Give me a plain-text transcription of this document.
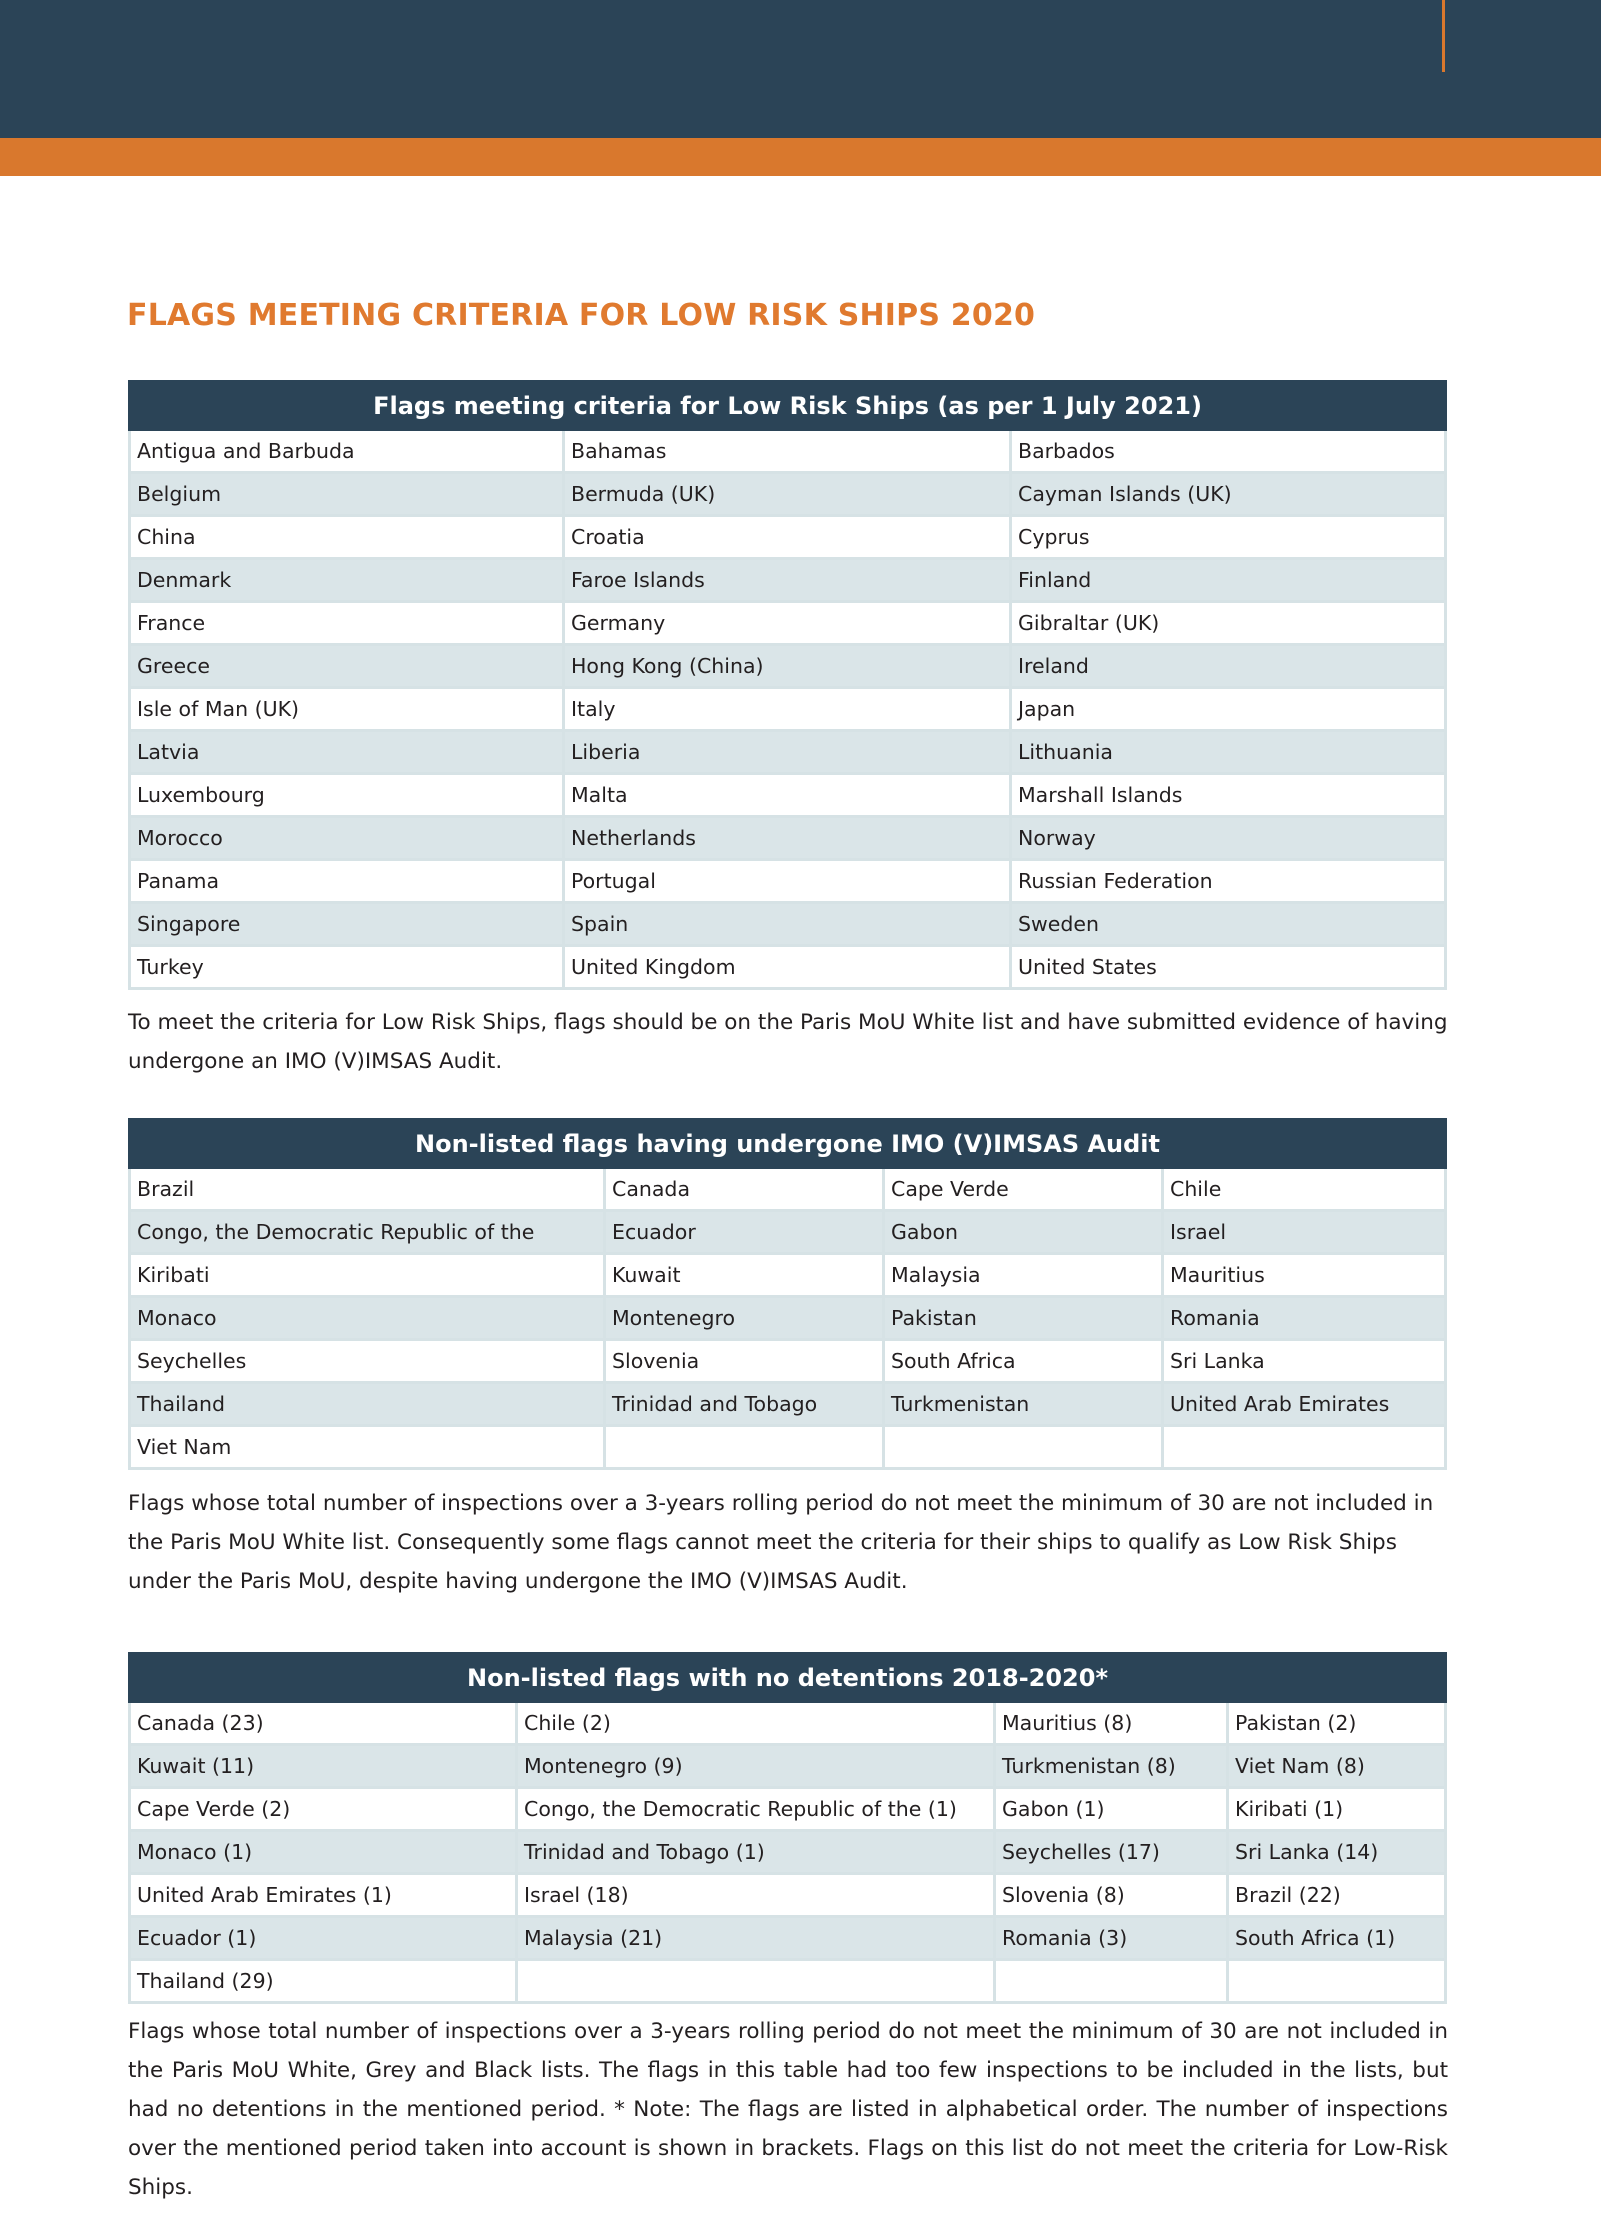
FLAGS MEETING CRITERIA FOR LOW RISK SHIPS 2020
Flags meeting criteria for Low Risk Ships (as per 1 July 2021)		
Antigua and Barbuda	Bahamas	Barbados
Belgium	Bermuda (UK)	Cayman Islands (UK)
China	Croatia	Cyprus
Denmark	Faroe Islands	Finland
France	Germany	Gibraltar (UK)
Greece	Hong Kong (China)	Ireland
Isle of Man (UK)	Italy	Japan
Latvia	Liberia	Lithuania
Luxembourg	Malta	Marshall Islands
Morocco	Netherlands	Norway
Panama	Portugal	Russian Federation
Singapore	Spain	Sweden
Turkey	United Kingdom	United States

To meet the criteria for Low Risk Ships, flags should be on the Paris MoU White list and have submitted evidence of having undergone an IMO (V)IMSAS Audit.

Non-listed flags having undergone IMO (V)IMSAS Audit			
Brazil	Canada	Cape Verde	Chile
Congo, the Democratic Republic of the	Ecuador	Gabon	Israel
Kiribati	Kuwait	Malaysia	Mauritius
Monaco	Montenegro	Pakistan	Romania
Seychelles	Slovenia	South Africa	Sri Lanka
Thailand	Trinidad and Tobago	Turkmenistan	United Arab Emirates
Viet Nam			

Flags whose total number of inspections over a 3-years rolling period do not meet the minimum of 30 are not included in the Paris MoU White list. Consequently some flags cannot meet the criteria for their ships to qualify as Low Risk Ships under the Paris MoU, despite having undergone the IMO (V)IMSAS Audit.

Non-listed flags with no detentions 2018-2020*			
Canada (23)	Chile (2)	Mauritius (8)	Pakistan (2)
Kuwait (11)	Montenegro (9)	Turkmenistan (8)	Viet Nam (8)
Cape Verde (2)	Congo, the Democratic Republic of the (1)	Gabon (1)	Kiribati (1)
Monaco (1)	Trinidad and Tobago (1)	Seychelles (17)	Sri Lanka (14)
United Arab Emirates (1)	Israel (18)	Slovenia (8)	Brazil (22)
Ecuador (1)	Malaysia (21)	Romania (3)	South Africa (1)
Thailand (29)			

Flags whose total number of inspections over a 3-years rolling period do not meet the minimum of 30 are not included in the Paris MoU White, Grey and Black lists. The flags in this table had too few inspections to be included in the lists, but had no detentions in the mentioned period. * Note: The flags are listed in alphabetical order. The number of inspections over the mentioned period taken into account is shown in brackets. Flags on this list do not meet the criteria for Low-Risk Ships.
